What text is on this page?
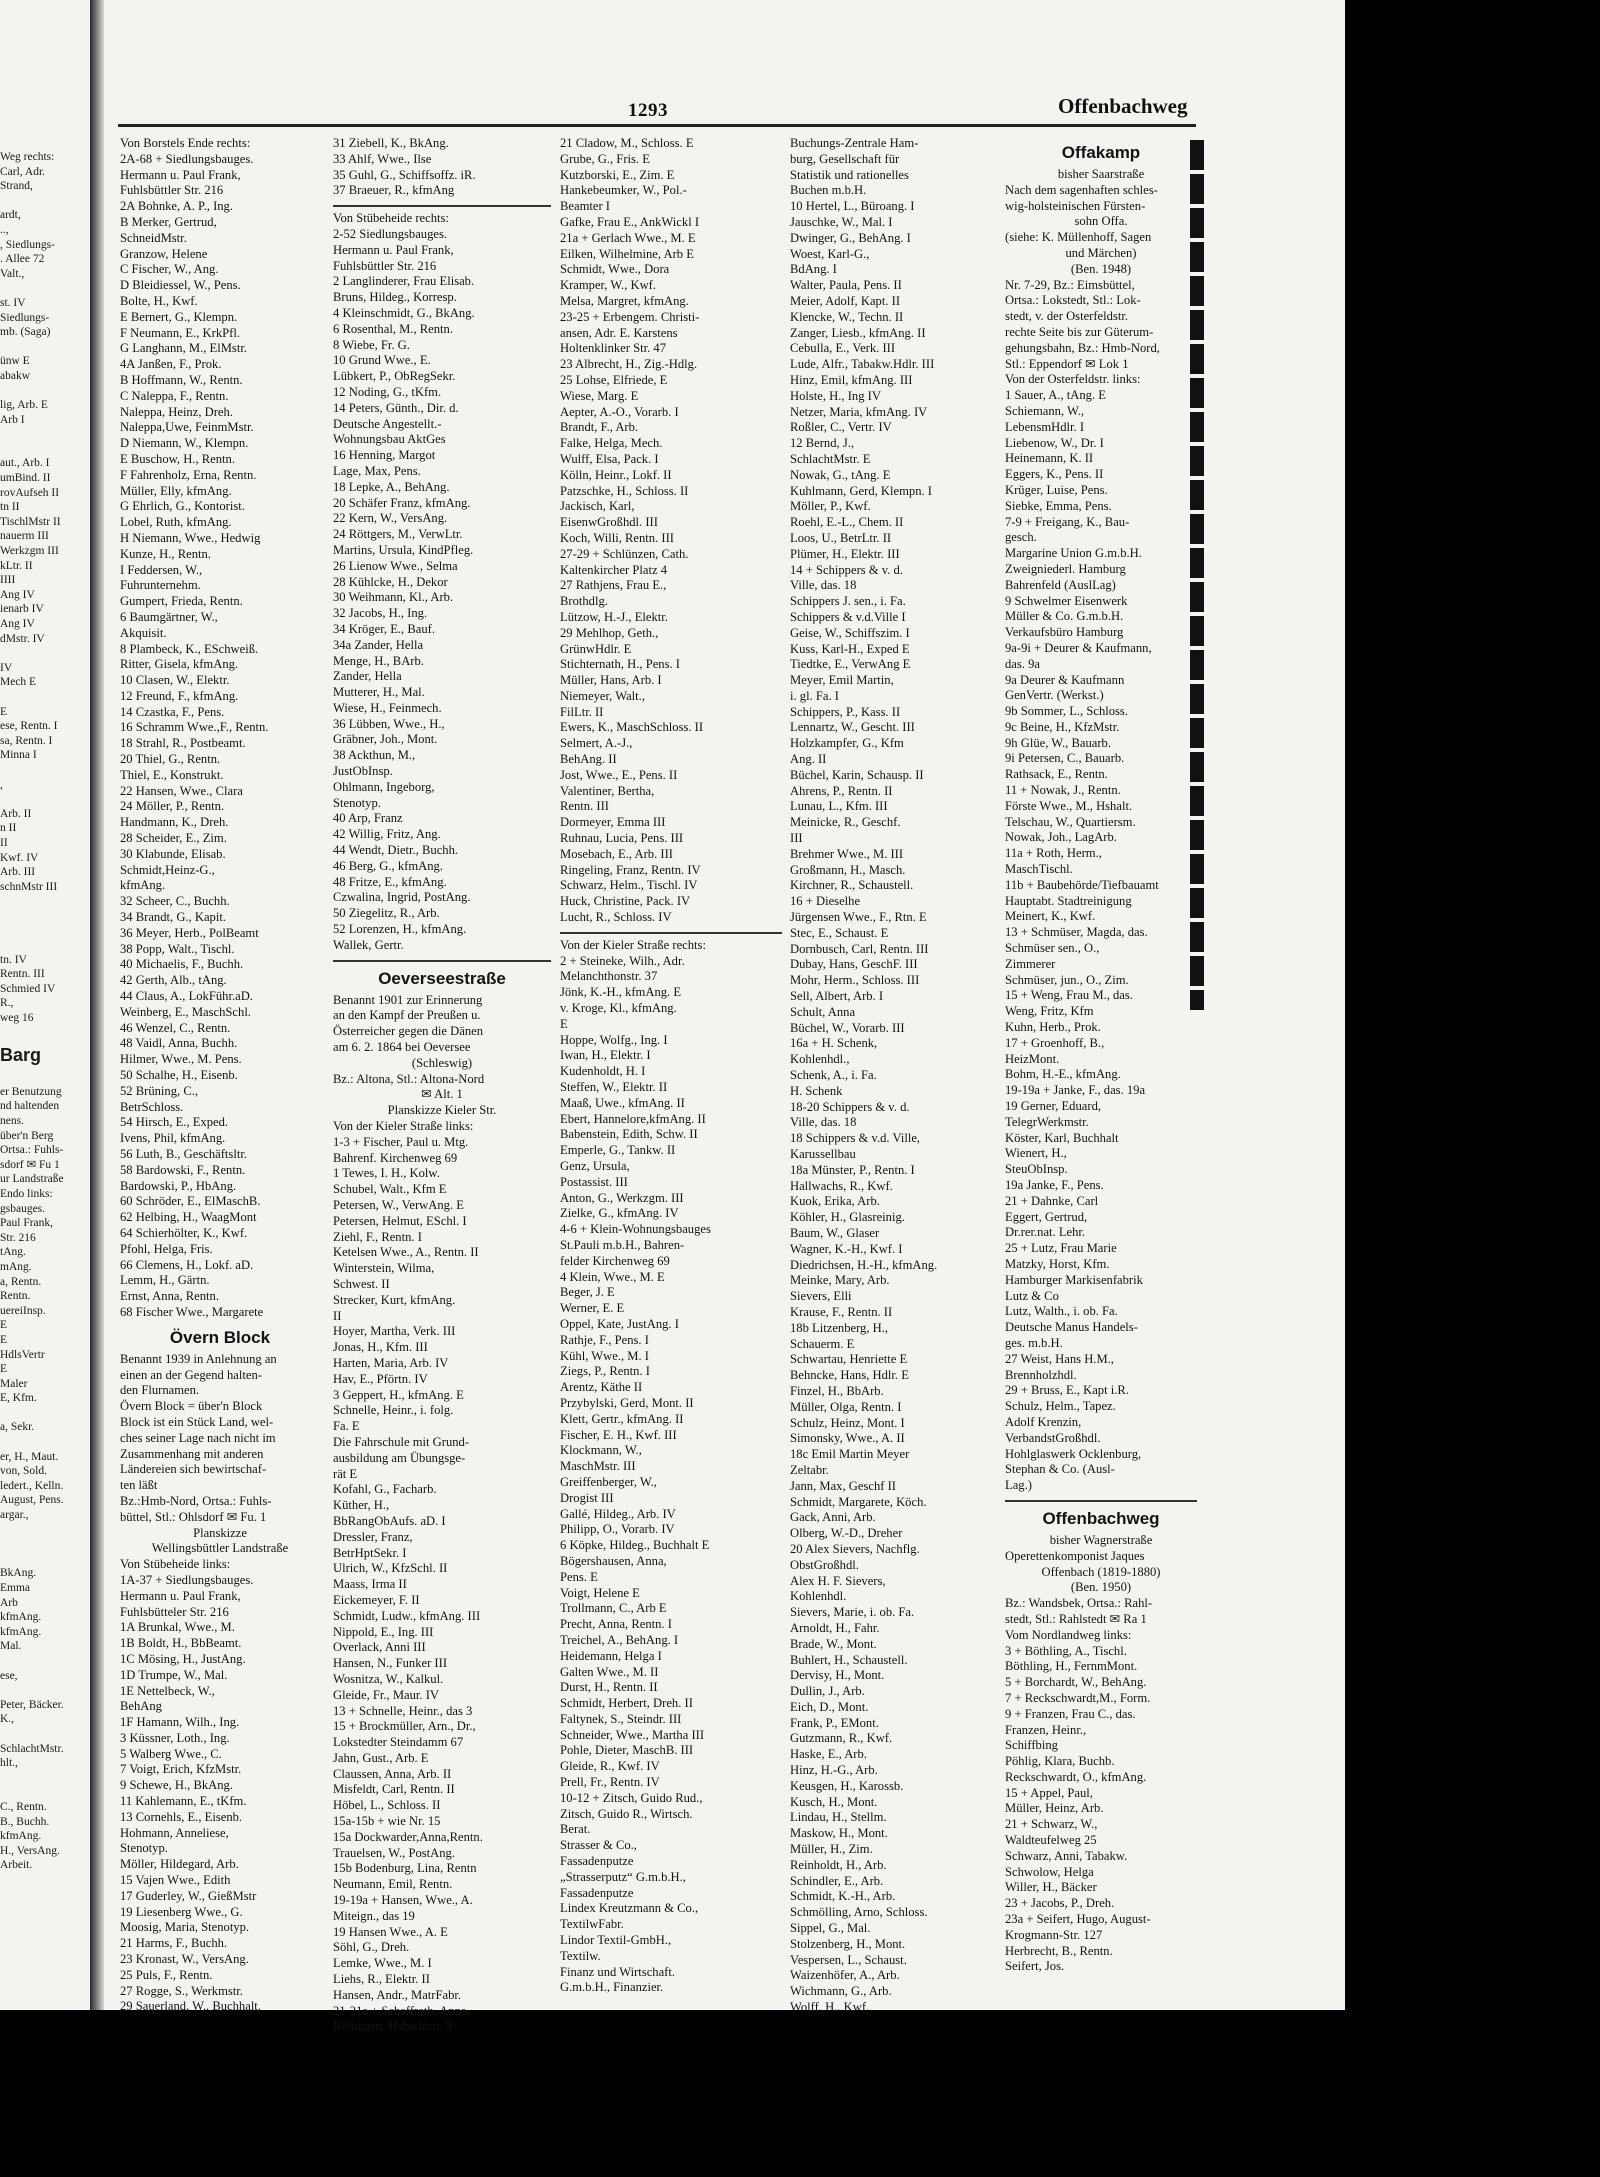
Weg rechts:
Carl, Adr.
Strand,
ardt,
..,
, Siedlungs-
. Allee 72
Valt.,
st. IV
Siedlungs-
mb. (Saga)
ünw E
abakw
lig, Arb. E
Arb I
aut., Arb. I
umBind. II
rovAufseh II
tn II
TischlMstr II
nauerm III
Werkzgm III
kLtr. II
IIII
Ang IV
ienarb IV
Ang IV
dMstr. IV
IV
Mech E
E
ese, Rentn. I
sa, Rentn. I
Minna I
,
Arb. II
n II
II
Kwf. IV
Arb. III
schnMstr III
tn. IV
Rentn. III
Schmied IV
R.,
weg 16
Barg
er Benutzung
nd haltenden
nens.
über'n Berg
Ortsa.: Fuhls-
sdorf ✉ Fu 1
ur Landstraße
Endo links:
gsbauges.
Paul Frank,
Str. 216
tAng.
mAng.
a, Rentn.
Rentn.
uereiInsp.
E
E
HdlsVertr
E
Maler
E, Kfm.
a, Sekr.
er, H., Maut.
von, Sold.
ledert., Kelln.
August, Pens.
argar.,
BkAng.
Emma
Arb
kfmAng.
kfmAng.
Mal.
ese,
Peter, Bäcker.
K.,
SchlachtMstr.
hlt.,
C., Rentn.
B., Buchh.
kfmAng.
H., VersAng.
Arbeit.
1293	Offenbachweg
Von Borstels Ende rechts:
2A-68 + Siedlungsbauges.
Hermann u. Paul Frank,
Fuhlsbüttler Str. 216
2A Bohnke, A. P., Ing.
B Merker, Gertrud,
SchneidMstr.
Granzow, Helene
C Fischer, W., Ang.
D Bleidiessel, W., Pens.
Bolte, H., Kwf.
E Bernert, G., Klempn.
F Neumann, E., KrkPfl.
G Langhann, M., ElMstr.
4A Janßen, F., Prok.
B Hoffmann, W., Rentn.
C Naleppa, F., Rentn.
Naleppa, Heinz, Dreh.
Naleppa,Uwe, FeinmMstr.
D Niemann, W., Klempn.
E Buschow, H., Rentn.
F Fahrenholz, Erna, Rentn.
Müller, Elly, kfmAng.
G Ehrlich, G., Kontorist.
Lobel, Ruth, kfmAng.
H Niemann, Wwe., Hedwig
Kunze, H., Rentn.
I Feddersen, W.,
Fuhrunternehm.
Gumpert, Frieda, Rentn.
6 Baumgärtner, W.,
Akquisit.
8 Plambeck, K., ESchweiß.
Ritter, Gisela, kfmAng.
10 Clasen, W., Elektr.
12 Freund, F., kfmAng.
14 Czastka, F., Pens.
16 Schramm Wwe.,F., Rentn.
18 Strahl, R., Postbeamt.
20 Thiel, G., Rentn.
Thiel, E., Konstrukt.
22 Hansen, Wwe., Clara
24 Möller, P., Rentn.
Handmann, K., Dreh.
28 Scheider, E., Zim.
30 Klabunde, Elisab.
Schmidt,Heinz-G.,
kfmAng.
32 Scheer, C., Buchh.
34 Brandt, G., Kapit.
36 Meyer, Herb., PolBeamt
38 Popp, Walt., Tischl.
40 Michaelis, F., Buchh.
42 Gerth, Alb., tAng.
44 Claus, A., LokFühr.aD.
Weinberg, E., MaschSchl.
46 Wenzel, C., Rentn.
48 Vaidl, Anna, Buchh.
Hilmer, Wwe., M. Pens.
50 Schalhe, H., Eisenb.
52 Brüning, C.,
BetrSchloss.
54 Hirsch, E., Exped.
Ivens, Phil, kfmAng.
56 Luth, B., Geschäftsltr.
58 Bardowski, F., Rentn.
Bardowski, P., HbAng.
60 Schröder, E., ElMaschB.
62 Helbing, H., WaagMont
64 Schierhölter, K., Kwf.
Pfohl, Helga, Fris.
66 Clemens, H., Lokf. aD.
Lemm, H., Gärtn.
Ernst, Anna, Rentn.
68 Fischer Wwe., Margarete
Övern Block
Benannt 1939 in Anlehnung an
einen an der Gegend halten-
den Flurnamen.
Övern Block = über'n Block
Block ist ein Stück Land, wel-
ches seiner Lage nach nicht im
Zusammenhang mit anderen
Ländereien sich bewirtschaf-
ten läßt
Bz.:Hmb-Nord, Ortsa.: Fuhls-
büttel, Stl.: Ohlsdorf ✉ Fu. 1
Planskizze
Wellingsbüttler Landstraße
Von Stübeheide links:
1A-37 + Siedlungsbauges.
Hermann u. Paul Frank,
Fuhlsbütteler Str. 216
1A Brunkal, Wwe., M.
1B Boldt, H., BbBeamt.
1C Mösing, H., JustAng.
1D Trumpe, W., Mal.
1E Nettelbeck, W.,
BehAng
1F Hamann, Wilh., Ing.
3 Küssner, Loth., Ing.
5 Walberg Wwe., C.
7 Voigt, Erich, KfzMstr.
9 Schewe, H., BkAng.
11 Kahlemann, E., tKfm.
13 Cornehls, E., Eisenb.
Hohmann, Anneliese,
Stenotyp.
Möller, Hildegard, Arb.
15 Vajen Wwe., Edith
17 Guderley, W., GießMstr
19 Liesenberg Wwe., G.
Moosig, Maria, Stenotyp.
21 Harms, F., Buchh.
23 Kronast, W., VersAng.
25 Puls, F., Rentn.
27 Rogge, S., Werkmstr.
29 Sauerland, W., Buchhalt.
31 Ziebell, K., BkAng.
33 Ahlf, Wwe., Ilse
35 Guhl, G., Schiffsoffz. iR.
37 Braeuer, R., kfmAng
Von Stübeheide rechts:
2-52 Siedlungsbauges.
Hermann u. Paul Frank,
Fuhlsbüttler Str. 216
2 Langlinderer, Frau Elisab.
Bruns, Hildeg., Korresp.
4 Kleinschmidt, G., BkAng.
6 Rosenthal, M., Rentn.
8 Wiebe, Fr. G.
10 Grund Wwe., E.
Lübkert, P., ObRegSekr.
12 Noding, G., tKfm.
14 Peters, Günth., Dir. d.
Deutsche Angestellt.-
Wohnungsbau AktGes
16 Henning, Margot
Lage, Max, Pens.
18 Lepke, A., BehAng.
20 Schäfer Franz, kfmAng.
22 Kern, W., VersAng.
24 Röttgers, M., VerwLtr.
Martins, Ursula, KindPfleg.
26 Lienow Wwe., Selma
28 Kühlcke, H., Dekor
30 Weihmann, Kl., Arb.
32 Jacobs, H., Ing.
34 Kröger, E., Bauf.
34a Zander, Hella
Menge, H., BArb.
Zander, Hella
Mutterer, H., Mal.
Wiese, H., Feinmech.
36 Lübben, Wwe., H.,
Gräbner, Joh., Mont.
38 Ackthun, M.,
JustObInsp.
Ohlmann, Ingeborg,
Stenotyp.
40 Arp, Franz
42 Willig, Fritz, Ang.
44 Wendt, Dietr., Buchh.
46 Berg, G., kfmAng.
48 Fritze, E., kfmAng.
Czwalina, Ingrid, PostAng.
50 Ziegelitz, R., Arb.
52 Lorenzen, H., kfmAng.
Wallek, Gertr.
Oeverseestraße
Benannt 1901 zur Erinnerung
an den Kampf der Preußen u.
Österreicher gegen die Dänen
am 6. 2. 1864 bei Oeversee
(Schleswig)
Bz.: Altona, Stl.: Altona-Nord
✉ Alt. 1
Planskizze Kieler Str.
Von der Kieler Straße links:
1-3 + Fischer, Paul u. Mtg.
Bahrenf. Kirchenweg 69
1 Tewes, I. H., Kolw.
Schubel, Walt., Kfm E
Petersen, W., VerwAng. E
Petersen, Helmut, ESchl. I
Ziehl, F., Rentn. I
Ketelsen Wwe., A., Rentn. II
Winterstein, Wilma,
Schwest. II
Strecker, Kurt, kfmAng.
II
Hoyer, Martha, Verk. III
Jonas, H., Kfm. III
Harten, Maria, Arb. IV
Hav, E., Pförtn. IV
3 Geppert, H., kfmAng. E
Schnelle, Heinr., i. folg.
Fa. E
Die Fahrschule mit Grund-
ausbildung am Übungsge-
rät E
Kofahl, G., Facharb.
Küther, H.,
BbRangObAufs. aD. I
Dressler, Franz,
BetrHptSekr. I
Ulrich, W., KfzSchl. II
Maass, Irma II
Eickemeyer, F. II
Schmidt, Ludw., kfmAng. III
Nippold, E., Ing. III
Overlack, Anni III
Hansen, N., Funker III
Wosnitza, W., Kalkul.
Gleide, Fr., Maur. IV
13 + Schnelle, Heinr., das 3
15 + Brockmüller, Arn., Dr.,
Lokstedter Steindamm 67
Jahn, Gust., Arb. E
Claussen, Anna, Arb. II
Misfeldt, Carl, Rentn. II
Höbel, L., Schloss. II
15a-15b + wie Nr. 15
15a Dockwarder,Anna,Rentn.
Trauelsen, W., PostAng.
15b Bodenburg, Lina, Rentn
Neumann, Emil, Rentn.
19-19a + Hansen, Wwe., A.
Miteign., das 19
19 Hansen Wwe., A. E
Söhl, G., Dreh.
Lemke, Wwe., M. I
Liehs, R., Elektr. II
Hansen, Andr., MatrFabr.
21-21a + Schaffrath, Anna,
Rellingen, Habichtstr. 8
21 Cladow, M., Schloss. E
Grube, G., Fris. E
Kutzborski, E., Zim. E
Hankebeumker, W., Pol.-
Beamter I
Gafke, Frau E., AnkWickl I
21a + Gerlach Wwe., M. E
Eilken, Wilhelmine, Arb E
Schmidt, Wwe., Dora
Kramper, W., Kwf.
Melsa, Margret, kfmAng.
23-25 + Erbengem. Christi-
ansen, Adr. E. Karstens
Holtenklinker Str. 47
23 Albrecht, H., Zig.-Hdlg.
25 Lohse, Elfriede, E
Wiese, Marg. E
Aepter, A.-O., Vorarb. I
Brandt, F., Arb.
Falke, Helga, Mech.
Wulff, Elsa, Pack. I
Kölln, Heinr., Lokf. II
Patzschke, H., Schloss. II
Jackisch, Karl,
EisenwGroßhdl. III
Koch, Willi, Rentn. III
27-29 + Schlünzen, Cath.
Kaltenkircher Platz 4
27 Rathjens, Frau E.,
Brothdlg.
Lützow, H.-J., Elektr.
29 Mehlhop, Geth.,
GrünwHdlr. E
Stichternath, H., Pens. I
Müller, Hans, Arb. I
Niemeyer, Walt.,
FilLtr. II
Ewers, K., MaschSchloss. II
Selmert, A.-J.,
BehAng. II
Jost, Wwe., E., Pens. II
Valentiner, Bertha,
Rentn. III
Dormeyer, Emma III
Ruhnau, Lucia, Pens. III
Mosebach, E., Arb. III
Ringeling, Franz, Rentn. IV
Schwarz, Helm., Tischl. IV
Huck, Christine, Pack. IV
Lucht, R., Schloss. IV
Von der Kieler Straße rechts:
2 + Steineke, Wilh., Adr.
Melanchthonstr. 37
Jönk, K.-H., kfmAng. E
v. Kroge, Kl., kfmAng.
E
Hoppe, Wolfg., Ing. I
Iwan, H., Elektr. I
Kudenholdt, H. I
Steffen, W., Elektr. II
Maaß, Uwe., kfmAng. II
Ebert, Hannelore,kfmAng. II
Babenstein, Edith, Schw. II
Emperle, G., Tankw. II
Genz, Ursula,
Postassist. III
Anton, G., Werkzgm. III
Zielke, G., kfmAng. IV
4-6 + Klein-Wohnungsbauges
St.Pauli m.b.H., Bahren-
felder Kirchenweg 69
4 Klein, Wwe., M. E
Beger, J. E
Werner, E. E
Oppel, Kate, JustAng. I
Rathje, F., Pens. I
Kühl, Wwe., M. I
Ziegs, P., Rentn. I
Arentz, Käthe II
Przybylski, Gerd, Mont. II
Klett, Gertr., kfmAng. II
Fischer, E. H., Kwf. III
Klockmann, W.,
MaschMstr. III
Greiffenberger, W.,
Drogist III
Gallé, Hildeg., Arb. IV
Philipp, O., Vorarb. IV
6 Köpke, Hildeg., Buchhalt E
Bögershausen, Anna,
Pens. E
Voigt, Helene E
Trollmann, C., Arb E
Precht, Anna, Rentn. I
Treichel, A., BehAng. I
Heidemann, Helga I
Galten Wwe., M. II
Durst, H., Rentn. II
Schmidt, Herbert, Dreh. II
Faltynek, S., Steindr. III
Schneider, Wwe., Martha III
Pohle, Dieter, MaschB. III
Gleide, R., Kwf. IV
Prell, Fr., Rentn. IV
10-12 + Zitsch, Guido Rud.,
Zitsch, Guido R., Wirtsch.
Berat.
Strasser & Co.,
Fassadenputze
„Strasserputz“ G.m.b.H.,
Fassadenputze
Lindex Kreutzmann & Co.,
TextilwFabr.
Lindor Textil-GmbH.,
Textilw.
Finanz und Wirtschaft.
G.m.b.H., Finanzier.
Buchungs-Zentrale Ham-
burg, Gesellschaft für
Statistik und rationelles
Buchen m.b.H.
10 Hertel, L., Büroang. I
Jauschke, W., Mal. I
Dwinger, G., BehAng. I
Woest, Karl-G.,
BdAng. I
Walter, Paula, Pens. II
Meier, Adolf, Kapt. II
Klencke, W., Techn. II
Zanger, Liesb., kfmAng. II
Cebulla, E., Verk. III
Lude, Alfr., Tabakw.Hdlr. III
Hinz, Emil, kfmAng. III
Holste, H., Ing IV
Netzer, Maria, kfmAng. IV
Roßler, C., Vertr. IV
12 Bernd, J.,
SchlachtMstr. E
Nowak, G., tAng. E
Kuhlmann, Gerd, Klempn. I
Möller, P., Kwf.
Roehl, E.-L., Chem. II
Loos, U., BetrLtr. II
Plümer, H., Elektr. III
14 + Schippers & v. d.
Ville, das. 18
Schippers J. sen., i. Fa.
Schippers & v.d.Ville I
Geise, W., Schiffszim. I
Kuss, Karl-H., Exped E
Tiedtke, E., VerwAng E
Meyer, Emil Martin,
i. gl. Fa. I
Schippers, P., Kass. II
Lennartz, W., Gescht. III
Holzkampfer, G., Kfm
Ang. II
Büchel, Karin, Schausp. II
Ahrens, P., Rentn. II
Lunau, L., Kfm. III
Meinicke, R., Geschf.
III
Brehmer Wwe., M. III
Großmann, H., Masch.
Kirchner, R., Schaustell.
16 + Dieselhe
Jürgensen Wwe., F., Rtn. E
Stec, E., Schaust. E
Dornbusch, Carl, Rentn. III
Dubay, Hans, GeschF. III
Mohr, Herm., Schloss. III
Sell, Albert, Arb. I
Schult, Anna
Büchel, W., Vorarb. III
16a + H. Schenk,
Kohlenhdl.,
Schenk, A., i. Fa.
H. Schenk
18-20 Schippers & v. d.
Ville, das. 18
18 Schippers & v.d. Ville,
Karussellbau
18a Münster, P., Rentn. I
Hallwachs, R., Kwf.
Kuok, Erika, Arb.
Köhler, H., Glasreinig.
Baum, W., Glaser
Wagner, K.-H., Kwf. I
Diedrichsen, H.-H., kfmAng.
Meinke, Mary, Arb.
Sievers, Elli
Krause, F., Rentn. II
18b Litzenberg, H.,
Schauerm. E
Schwartau, Henriette E
Behncke, Hans, Hdlr. E
Finzel, H., BbArb.
Müller, Olga, Rentn. I
Schulz, Heinz, Mont. I
Simonsky, Wwe., A. II
18c Emil Martin Meyer
Zeltabr.
Jann, Max, Geschf II
Schmidt, Margarete, Köch.
Gack, Anni, Arb.
Olberg, W.-D., Dreher
20 Alex Sievers, Nachflg.
ObstGroßhdl.
Alex H. F. Sievers,
Kohlenhdl.
Sievers, Marie, i. ob. Fa.
Arnoldt, H., Fahr.
Brade, W., Mont.
Buhlert, H., Schaustell.
Dervisy, H., Mont.
Dullin, J., Arb.
Eich, D., Mont.
Frank, P., EMont.
Gutzmann, R., Kwf.
Haske, E., Arb.
Hinz, H.-G., Arb.
Keusgen, H., Karossb.
Kusch, H., Mont.
Lindau, H., Stellm.
Maskow, H., Mont.
Müller, H., Zim.
Reinholdt, H., Arb.
Schindler, E., Arb.
Schmidt, K.-H., Arb.
Schmölling, Arno, Schloss.
Sippel, G., Mal.
Stolzenberg, H., Mont.
Vespersen, L., Schaust.
Waizenhöfer, A., Arb.
Wichmann, G., Arb.
Wolff, H., Kwf.
Offakamp
bisher Saarstraße
Nach dem sagenhaften schles-
wig-holsteinischen Fürsten-
sohn Offa.
(siehe: K. Müllenhoff, Sagen
und Märchen)
(Ben. 1948)
Nr. 7-29, Bz.: Eimsbüttel,
Ortsa.: Lokstedt, Stl.: Lok-
stedt, v. der Osterfeldstr.
rechte Seite bis zur Güterum-
gehungsbahn, Bz.: Hmb-Nord,
Stl.: Eppendorf ✉ Lok 1
Von der Osterfeldstr. links:
1 Sauer, A., tAng. E
Schiemann, W.,
LebensmHdlr. I
Liebenow, W., Dr. I
Heinemann, K. II
Eggers, K., Pens. II
Krüger, Luise, Pens.
Siebke, Emma, Pens.
7-9 + Freigang, K., Bau-
gesch.
Margarine Union G.m.b.H.
Zweigniederl. Hamburg
Bahrenfeld (AuslLag)
9 Schwelmer Eisenwerk
Müller & Co. G.m.b.H.
Verkaufsbüro Hamburg
9a-9i + Deurer & Kaufmann,
das. 9a
9a Deurer & Kaufmann
GenVertr. (Werkst.)
9b Sommer, L., Schloss.
9c Beine, H., KfzMstr.
9h Glüe, W., Bauarb.
9i Petersen, C., Bauarb.
Rathsack, E., Rentn.
11 + Nowak, J., Rentn.
Förste Wwe., M., Hshalt.
Telschau, W., Quartiersm.
Nowak, Joh., LagArb.
11a + Roth, Herm.,
MaschTischl.
11b + Baubehörde/Tiefbauamt
Hauptabt. Stadtreinigung
Meinert, K., Kwf.
13 + Schmüser, Magda, das.
Schmüser sen., O.,
Zimmerer
Schmüser, jun., O., Zim.
15 + Weng, Frau M., das.
Weng, Fritz, Kfm
Kuhn, Herb., Prok.
17 + Groenhoff, B.,
HeizMont.
Bohm, H.-E., kfmAng.
19-19a + Janke, F., das. 19a
19 Gerner, Eduard,
TelegrWerkmstr.
Köster, Karl, Buchhalt
Wienert, H.,
SteuObInsp.
19a Janke, F., Pens.
21 + Dahnke, Carl
Eggert, Gertrud,
Dr.rer.nat. Lehr.
25 + Lutz, Frau Marie
Matzky, Horst, Kfm.
Hamburger Markisenfabrik
Lutz & Co
Lutz, Walth., i. ob. Fa.
Deutsche Manus Handels-
ges. m.b.H.
27 Weist, Hans H.M.,
Brennholzhdl.
29 + Bruss, E., Kapt i.R.
Schulz, Helm., Tapez.
Adolf Krenzin,
VerbandstGroßhdl.
Hohlglaswerk Ocklenburg,
Stephan & Co. (Ausl-
Lag.)
Offenbachweg
bisher Wagnerstraße
Operettenkomponist Jaques
Offenbach (1819-1880)
(Ben. 1950)
Bz.: Wandsbek, Ortsa.: Rahl-
stedt, Stl.: Rahlstedt ✉ Ra 1
Vom Nordlandweg links:
3 + Böthling, A., Tischl.
Böthling, H., FernmMont.
5 + Borchardt, W., BehAng.
7 + Reckschwardt,M., Form.
9 + Franzen, Frau C., das.
Franzen, Heinr.,
Schiffbing
Pöhlig, Klara, Buchb.
Reckschwardt, O., kfmAng.
15 + Appel, Paul,
Müller, Heinz, Arb.
21 + Schwarz, W.,
Waldteufelweg 25
Schwarz, Anni, Tabakw.
Schwolow, Helga
Willer, H., Bäcker
23 + Jacobs, P., Dreh.
23a + Seifert, Hugo, August-
Krogmann-Str. 127
Herbrecht, B., Rentn.
Seifert, Jos.
